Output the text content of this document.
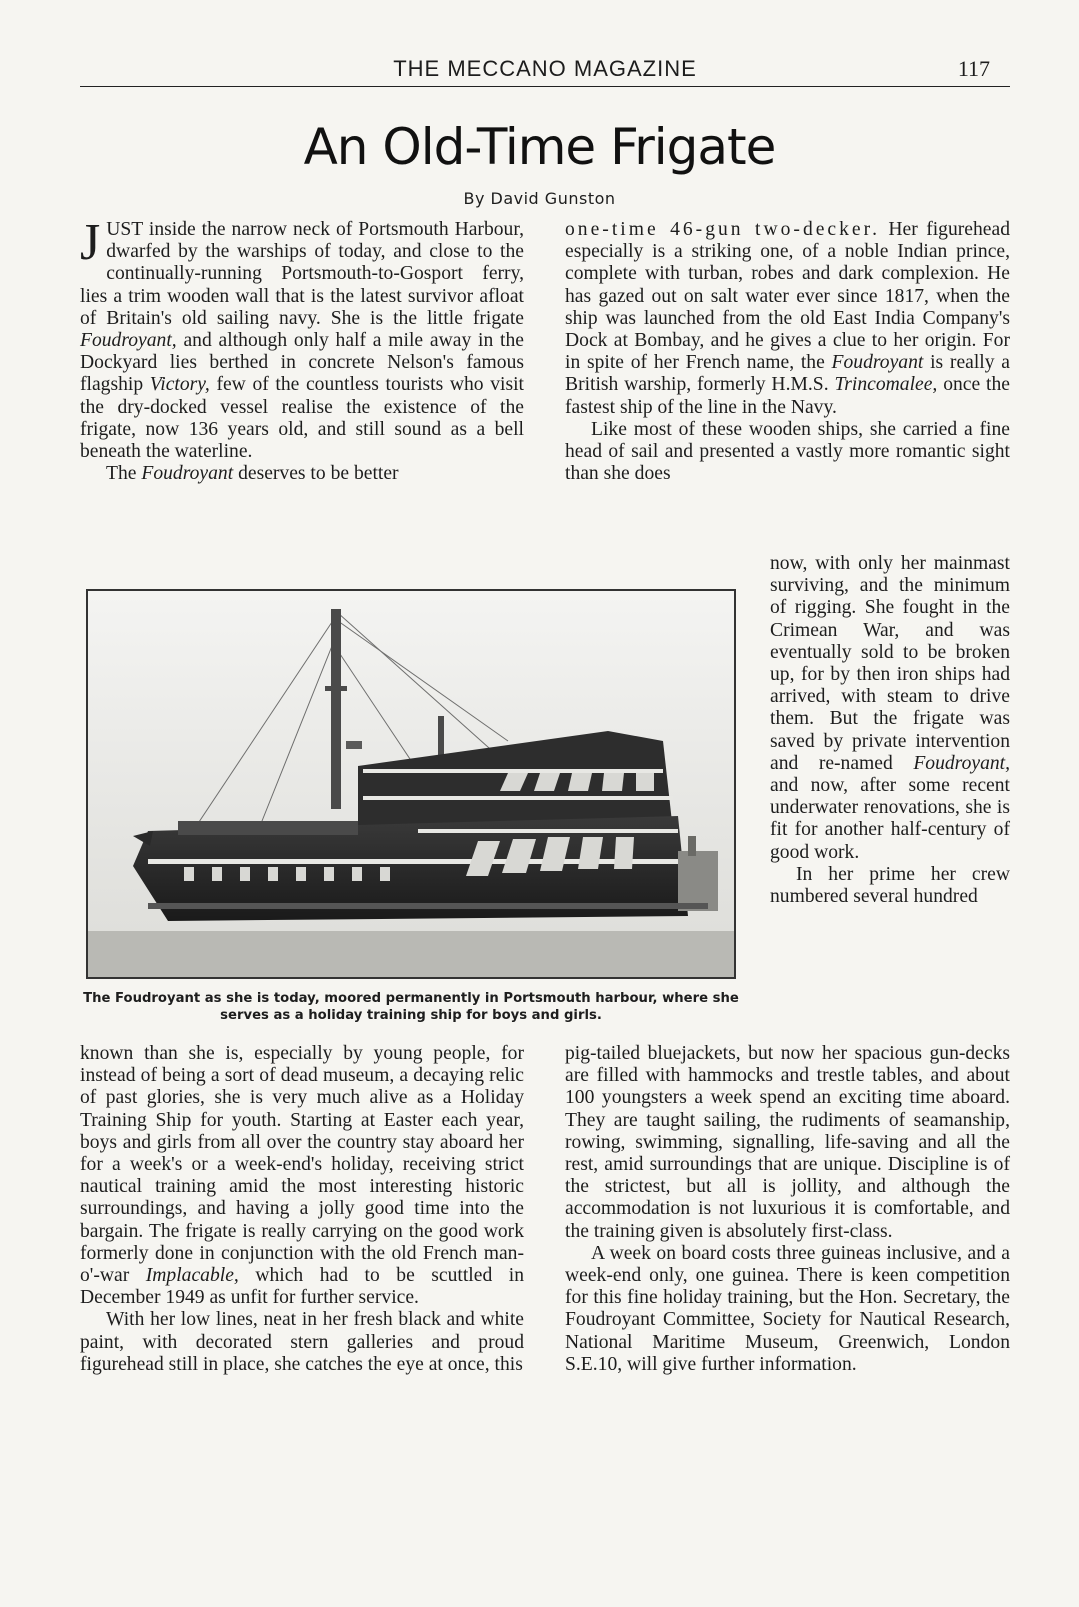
THE MECCANO MAGAZINE	117
An Old-Time Frigate
By David Gunston

JUST inside the narrow neck of Portsmouth Harbour, dwarfed by the warships of today, and close to the continually-running Portsmouth-to-Gosport ferry, lies a trim wooden wall that is the latest survivor afloat of Britain's old sailing navy. She is the little frigate Foudroyant, and although only half a mile away in the Dockyard lies berthed in concrete Nelson's famous flagship Victory, few of the countless tourists who visit the dry-docked vessel realise the existence of the frigate, now 136 years old, and still sound as a bell beneath the waterline.

The Foudroyant deserves to be better

one-time 46-gun two-decker. Her figurehead especially is a striking one, of a noble Indian prince, complete with turban, robes and dark complexion. He has gazed out on salt water ever since 1817, when the ship was launched from the old East India Company's Dock at Bombay, and he gives a clue to her origin. For in spite of her French name, the Foudroyant is really a British warship, formerly H.M.S. Trincomalee, once the fastest ship of the line in the Navy.

Like most of these wooden ships, she carried a fine head of sail and presented a vastly more romantic sight than she does

The Foudroyant as she is today, moored permanently in Portsmouth harbour, where she serves as a holiday training ship for boys and girls.

now, with only her mainmast surviving, and the minimum of rigging. She fought in the Crimean War, and was eventually sold to be broken up, for by then iron ships had arrived, with steam to drive them. But the frigate was saved by private intervention and re-named Foudroyant, and now, after some recent underwater renovations, she is fit for another half-century of good work.

In her prime her crew numbered several hundred

known than she is, especially by young people, for instead of being a sort of dead museum, a decaying relic of past glories, she is very much alive as a Holiday Training Ship for youth. Starting at Easter each year, boys and girls from all over the country stay aboard her for a week's or a week-end's holiday, receiving strict nautical training amid the most interesting historic surroundings, and having a jolly good time into the bargain. The frigate is really carrying on the good work formerly done in conjunction with the old French man-o'-war Implacable, which had to be scuttled in December 1949 as unfit for further service.

With her low lines, neat in her fresh black and white paint, with decorated stern galleries and proud figurehead still in place, she catches the eye at once, this

pig-tailed bluejackets, but now her spacious gun-decks are filled with hammocks and trestle tables, and about 100 youngsters a week spend an exciting time aboard. They are taught sailing, the rudiments of seamanship, rowing, swimming, signalling, life-saving and all the rest, amid surroundings that are unique. Discipline is of the strictest, but all is jollity, and although the accommodation is not luxurious it is comfortable, and the training given is absolutely first-class.

A week on board costs three guineas inclusive, and a week-end only, one guinea. There is keen competition for this fine holiday training, but the Hon. Secretary, the Foudroyant Committee, Society for Nautical Research, National Maritime Museum, Greenwich, London S.E.10, will give further information.
